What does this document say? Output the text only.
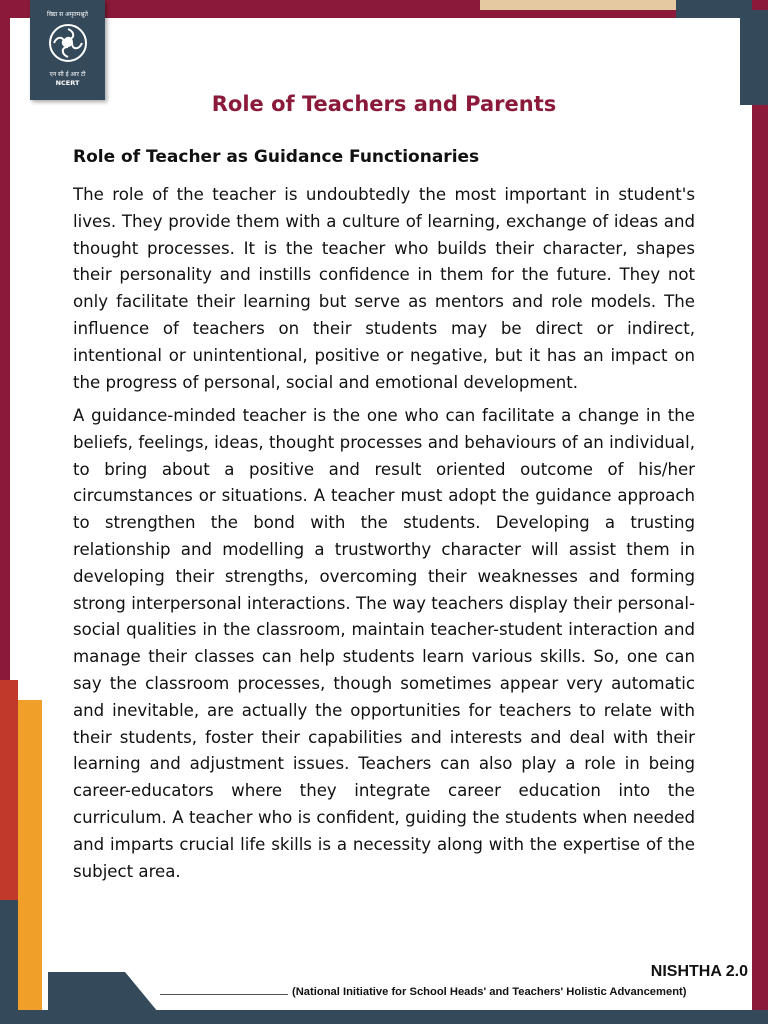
विद्या स अमृतमश्नुते
एन सी ई आर टी
NCERT
Role of Teachers and Parents
Role of Teacher as Guidance Functionaries

The role of the teacher is undoubtedly the most important in student's lives. They provide them with a culture of learning, exchange of ideas and thought processes. It is the teacher who builds their character, shapes their personality and instills confidence in them for the future. They not only facilitate their learning but serve as mentors and role models. The influence of teachers on their students may be direct or indirect, intentional or unintentional, positive or negative, but it has an impact on the progress of personal, social and emotional development.

A guidance-minded teacher is the one who can facilitate a change in the beliefs, feelings, ideas, thought processes and behaviours of an individual, to bring about a positive and result oriented outcome of his/her circumstances or situations. A teacher must adopt the guidance approach to strengthen the bond with the students. Developing a trusting relationship and modelling a trustworthy character will assist them in developing their strengths, overcoming their weaknesses and forming strong interpersonal interactions. The way teachers display their personal-social qualities in the classroom, maintain teacher-student interaction and manage their classes can help students learn various skills. So, one can say the classroom processes, though sometimes appear very automatic and inevitable, are actually the opportunities for teachers to relate with their students, foster their capabilities and interests and deal with their learning and adjustment issues. Teachers can also play a role in being career-educators where they integrate career education into the curriculum. A teacher who is confident, guiding the students when needed and imparts crucial life skills is a necessity along with the expertise of the subject area.

NISHTHA 2.0
(National Initiative for School Heads' and Teachers' Holistic Advancement)
